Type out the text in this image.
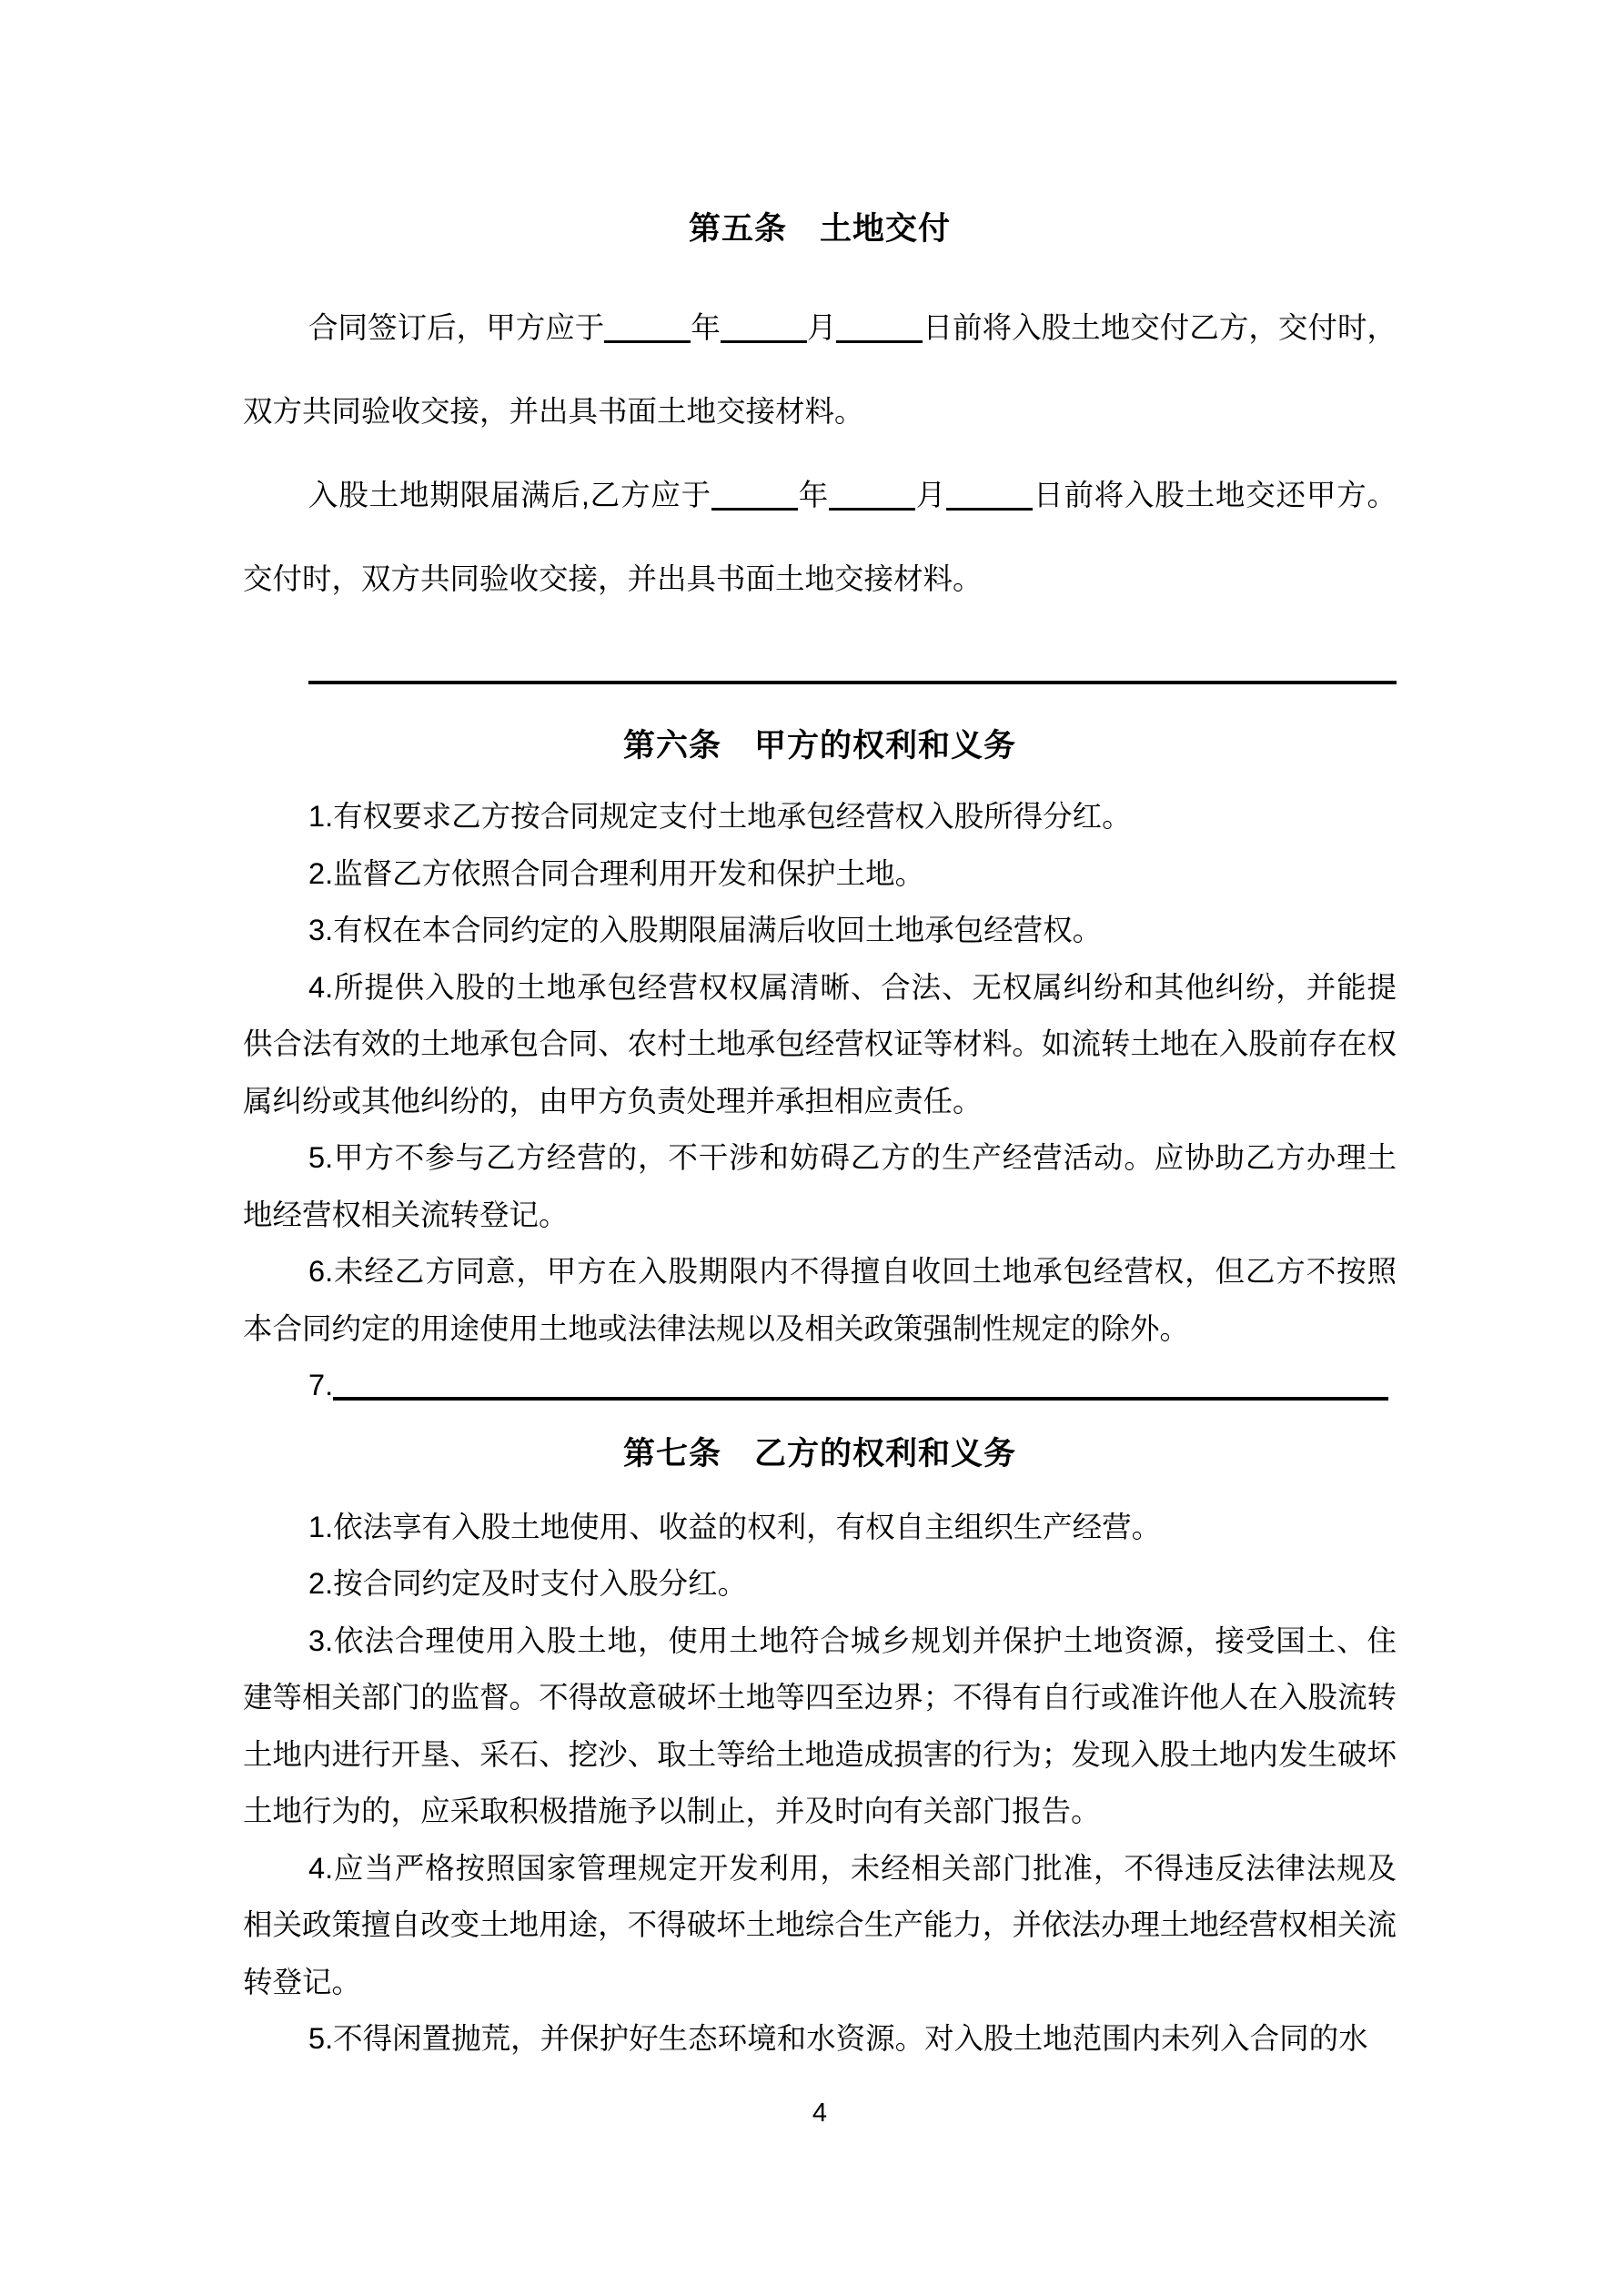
第五条　土地交付

合同签订后，甲方应于	年	月	日前将入股土地交付乙方，交付时，双方共同验收交接，并出具书面土地交接材料。

入股土地期限届满后,乙方应于	年	月	日前将入股土地交还甲方。交付时，双方共同验收交接，并出具书面土地交接材料。

第六条　甲方的权利和义务

1.有权要求乙方按合同规定支付土地承包经营权入股所得分红。

2.监督乙方依照合同合理利用开发和保护土地。

3.有权在本合同约定的入股期限届满后收回土地承包经营权。

4.所提供入股的土地承包经营权权属清晰、合法、无权属纠纷和其他纠纷，并能提供合法有效的土地承包合同、农村土地承包经营权证等材料。如流转土地在入股前存在权属纠纷或其他纠纷的，由甲方负责处理并承担相应责任。

5.甲方不参与乙方经营的，不干涉和妨碍乙方的生产经营活动。应协助乙方办理土地经营权相关流转登记。

6.未经乙方同意，甲方在入股期限内不得擅自收回土地承包经营权，但乙方不按照本合同约定的用途使用土地或法律法规以及相关政策强制性规定的除外。

7.

第七条　乙方的权利和义务

1.依法享有入股土地使用、收益的权利，有权自主组织生产经营。

2.按合同约定及时支付入股分红。

3.依法合理使用入股土地，使用土地符合城乡规划并保护土地资源，接受国土、住建等相关部门的监督。不得故意破坏土地等四至边界；不得有自行或准许他人在入股流转土地内进行开垦、采石、挖沙、取土等给土地造成损害的行为；发现入股土地内发生破坏土地行为的，应采取积极措施予以制止，并及时向有关部门报告。

4.应当严格按照国家管理规定开发利用，未经相关部门批准，不得违反法律法规及相关政策擅自改变土地用途，不得破坏土地综合生产能力，并依法办理土地经营权相关流转登记。

5.不得闲置抛荒，并保护好生态环境和水资源。对入股土地范围内未列入合同的水

4
